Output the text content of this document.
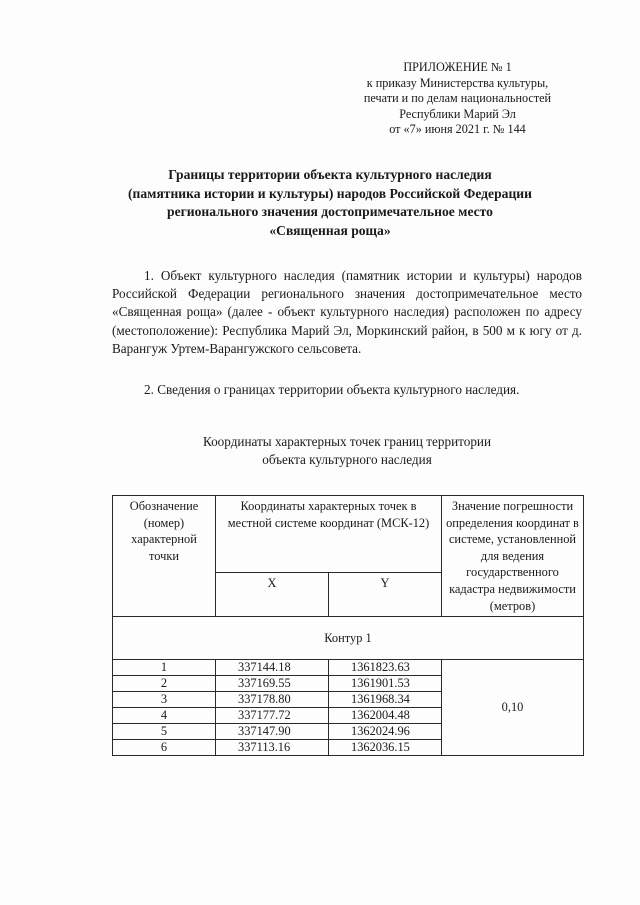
ПРИЛОЖЕНИЕ № 1
к приказу Министерства культуры,
печати и по делам национальностей
Республики Марий Эл
от «7» июня 2021 г. № 144
Границы территории объекта культурного наследия
(памятника истории и культуры) народов Российской Федерации
регионального значения достопримечательное место
«Священная роща»

1. Объект культурного наследия (памятник истории и культуры) народов Российской Федерации регионального значения достопримечательное место «Священная роща» (далее - объект культурного наследия) расположен по адресу (местоположение): Республика Марий Эл, Моркинский район, в 500 м к югу от д. Варангуж Уртем-Варангужского сельсовета.

2. Сведения о границах территории объекта культурного наследия.

Координаты характерных точек границ территории
объекта культурного наследия
Обозначение (номер) характерной точки	Координаты характерных точек в местной системе координат (МСК-12)		Значение погрешности определения координат в системе, установленной для ведения государственного кадастра недвижимости (метров)
	X	Y	
Контур 1			
1	337144.18	1361823.63	0,10
2	337169.55	1361901.53	
3	337178.80	1361968.34	
4	337177.72	1362004.48	
5	337147.90	1362024.96	
6	337113.16	1362036.15	
